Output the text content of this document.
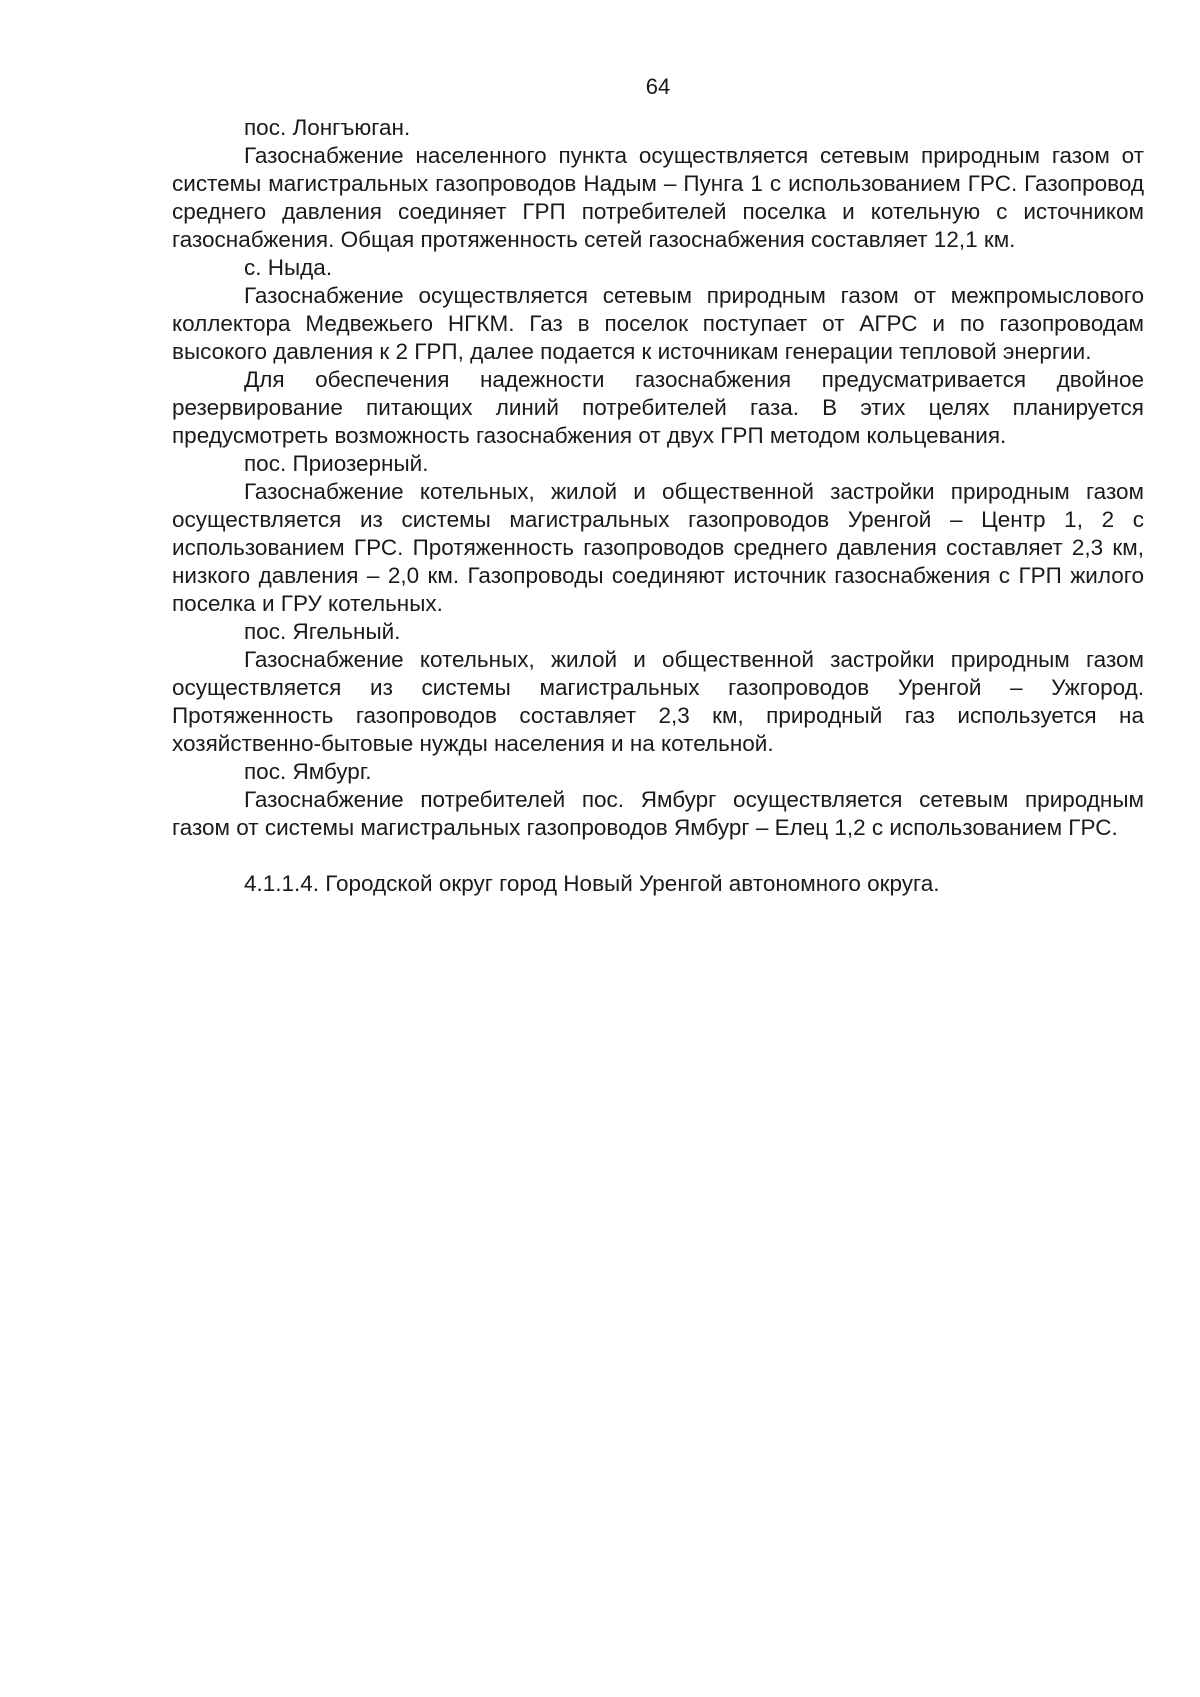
64

пос. Лонгъюган.

Газоснабжение населенного пункта осуществляется сетевым природным газом от системы магистральных газопроводов Надым – Пунга 1 с использованием ГРС. Газопровод среднего давления соединяет ГРП потребителей поселка и котельную с источником газоснабжения. Общая протяженность сетей газоснабжения составляет 12,1 км.

с. Ныда.

Газоснабжение осуществляется сетевым природным газом от межпромыслового коллектора Медвежьего НГКМ. Газ в поселок поступает от АГРС и по газопроводам высокого давления к 2 ГРП, далее подается к источникам генерации тепловой энергии.

Для обеспечения надежности газоснабжения предусматривается двойное резервирование питающих линий потребителей газа. В этих целях планируется предусмотреть возможность газоснабжения от двух ГРП методом кольцевания.

пос. Приозерный.

Газоснабжение котельных, жилой и общественной застройки природным газом осуществляется из системы магистральных газопроводов Уренгой – Центр 1, 2 с использованием ГРС. Протяженность газопроводов среднего давления составляет 2,3 км, низкого давления – 2,0 км. Газопроводы соединяют источник газоснабжения с ГРП жилого поселка и ГРУ котельных.

пос. Ягельный.

Газоснабжение котельных, жилой и общественной застройки природным газом осуществляется из системы магистральных газопроводов Уренгой – Ужгород. Протяженность газопроводов составляет 2,3 км, природный газ используется на хозяйственно-бытовые нужды населения и на котельной.

пос. Ямбург.

Газоснабжение потребителей пос. Ямбург осуществляется сетевым природным газом от системы магистральных газопроводов Ямбург – Елец 1,2 с использованием ГРС.

4.1.1.4. Городской округ город Новый Уренгой автономного округа.
